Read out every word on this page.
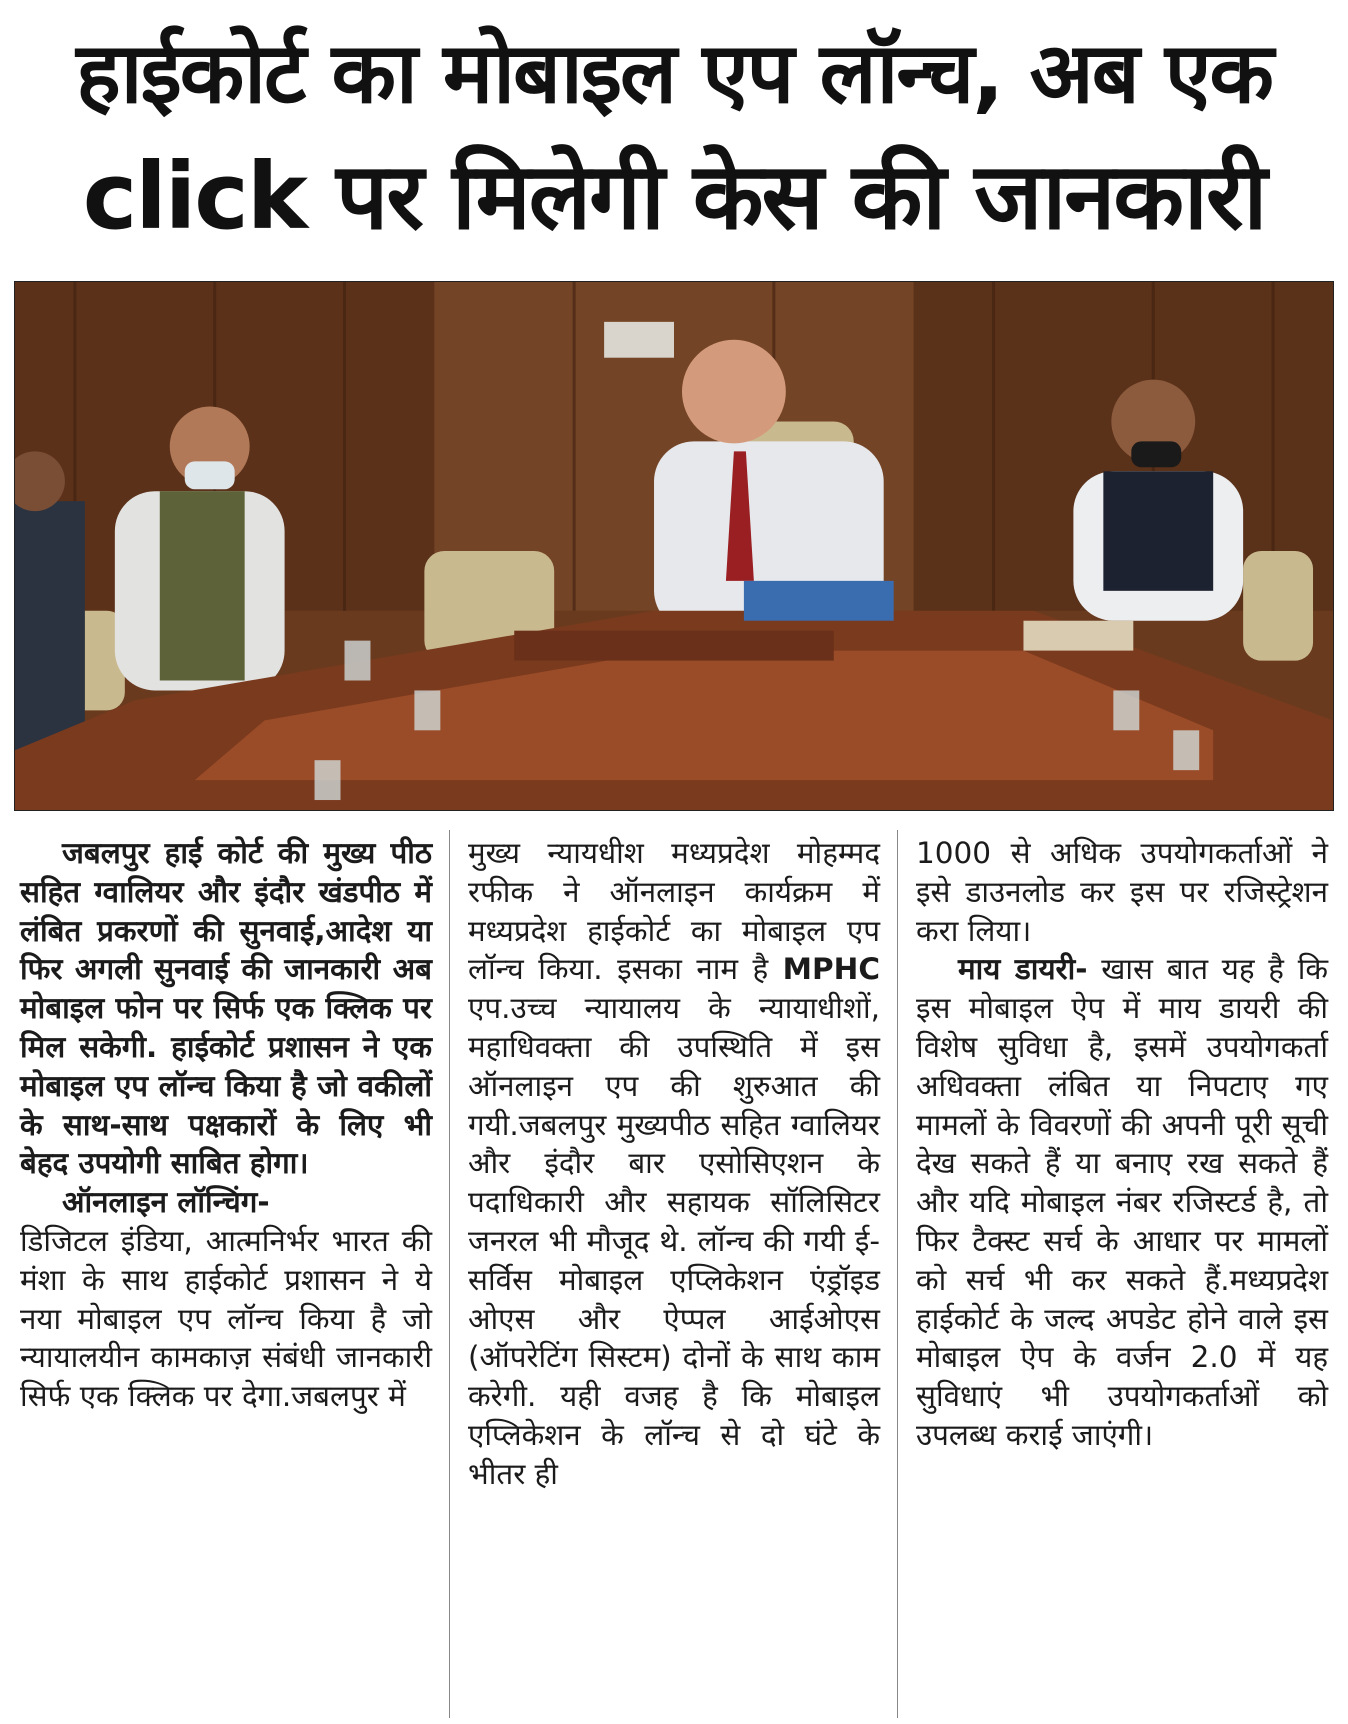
हाईकोर्ट का मोबाइल एप लॉन्च, अब एक
click पर मिलेगी केस की जानकारी

जबलपुर हाई कोर्ट की मुख्य पीठ सहित ग्वालियर और इंदौर खंडपीठ में लंबित प्रकरणों की सुनवाई,आदेश या फिर अगली सुनवाई की जानकारी अब मोबाइल फोन पर सिर्फ एक क्लिक पर मिल सकेगी. हाईकोर्ट प्रशासन ने एक मोबाइल एप लॉन्च किया है जो वकीलों के साथ-साथ पक्षकारों के लिए भी बेहद उपयोगी साबित होगा।

ऑनलाइन लॉन्चिंग-

डिजिटल इंडिया, आत्मनिर्भर भारत की मंशा के साथ हाईकोर्ट प्रशासन ने ये नया मोबाइल एप लॉन्च किया है जो न्यायालयीन कामकाज़ संबंधी जानकारी सिर्फ एक क्लिक पर देगा.जबलपुर में

मुख्य न्यायधीश मध्यप्रदेश मोहम्मद रफीक ने ऑनलाइन कार्यक्रम में मध्यप्रदेश हाईकोर्ट का मोबाइल एप लॉन्च किया. इसका नाम है MPHC एप.उच्च न्यायालय के न्यायाधीशों, महाधिवक्ता की उपस्थिति में इस ऑनलाइन एप की शुरुआत की गयी.जबलपुर मुख्यपीठ सहित ग्वालियर और इंदौर बार एसोसिएशन के पदाधिकारी और सहायक सॉलिसिटर जनरल भी मौजूद थे. लॉन्च की गयी ई-सर्विस मोबाइल एप्लिकेशन एंड्रॉइड ओएस और ऐप्पल आईओएस (ऑपरेटिंग सिस्टम) दोनों के साथ काम करेगी. यही वजह है कि मोबाइल एप्लिकेशन के लॉन्च से दो घंटे के भीतर ही

1000 से अधिक उपयोगकर्ताओं ने इसे डाउनलोड कर इस पर रजिस्ट्रेशन करा लिया।

माय डायरी- खास बात यह है कि इस मोबाइल ऐप में माय डायरी की विशेष सुविधा है, इसमें उपयोगकर्ता अधिवक्ता लंबित या निपटाए गए मामलों के विवरणों की अपनी पूरी सूची देख सकते हैं या बनाए रख सकते हैं और यदि मोबाइल नंबर रजिस्टर्ड है, तो फिर टैक्स्ट सर्च के आधार पर मामलों को सर्च भी कर सकते हैं.मध्यप्रदेश हाईकोर्ट के जल्द अपडेट होने वाले इस मोबाइल ऐप के वर्जन 2.0 में यह सुविधाएं भी उपयोगकर्ताओं को उपलब्ध कराई जाएंगी।
